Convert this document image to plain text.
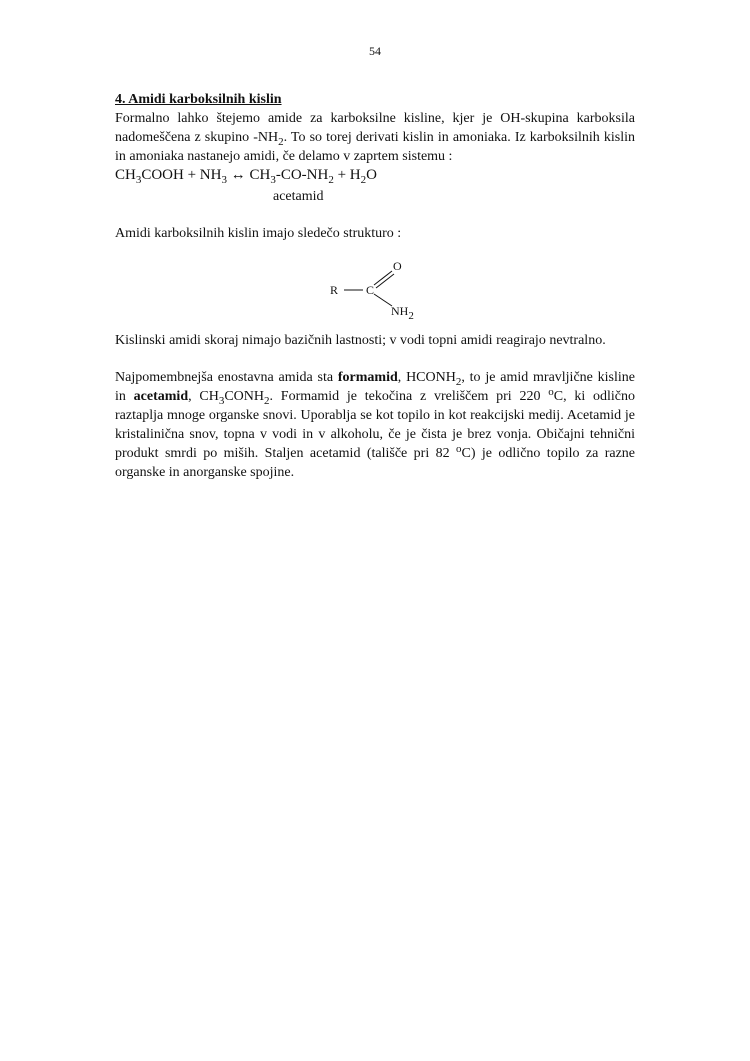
54

4. Amidi karboksilnih kislin

Formalno lahko štejemo amide za karboksilne kisline, kjer je OH-skupina karboksila nadomeščena z skupino $-NH_2$. To so torej derivati kislin in amoniaka. Iz karboksilnih kislin in amoniaka nastanejo amidi, če delamo v zaprtem sistemu :

$CH_3COOH + NH_3$ ↔ $CH_3-CO-NH_2 + H_2O$
acetamid

Amidi karboksilnih kislin imajo sledečo strukturo :

R C
O
$NH_2$

Kislinski amidi skoraj nimajo bazičnih lastnosti; v vodi topni amidi reagirajo nevtralno.

Najpomembnejša enostavna amida sta formamid, $HCONH_2$, to je amid mravljične kisline in acetamid, $CH_3CONH_2$. Formamid je tekočina z vreliščem pri 220 $^o$C, ki odlično raztaplja mnoge organske snovi. Uporablja se kot topilo in kot reakcijski medij. Acetamid je kristalinična snov, topna v vodi in v alkoholu, če je čista je brez vonja. Običajni tehnični produkt smrdi po miših. Staljen acetamid (tališče pri 82 $^o$C) je odlično topilo za razne organske in anorganske spojine.
